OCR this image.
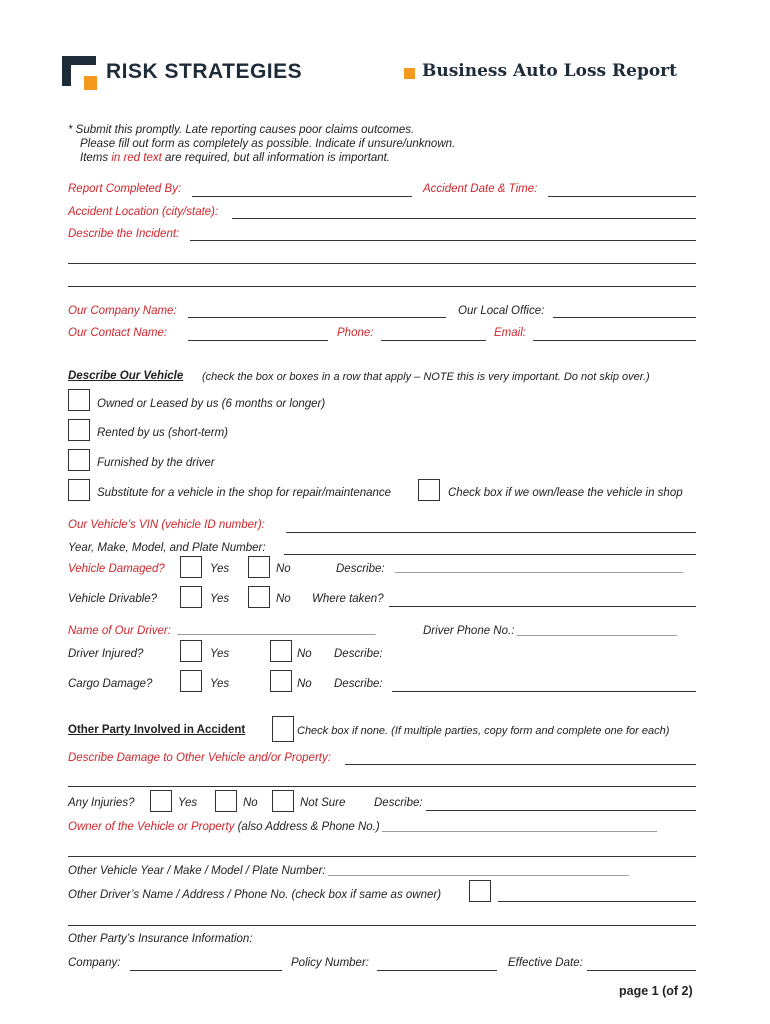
RISK STRATEGIES	Business Auto Loss Report
* Submit this promptly. Late reporting causes poor claims outcomes.
Please fill out form as completely as possible. Indicate if unsure/unknown.
Items in red text are required, but all information is important.
Report Completed By:	Accident Date & Time:
Accident Location (city/state):
Describe the Incident:
Our Company Name:	Our Local Office:
Our Contact Name:	Phone:	Email:
Describe Our Vehicle (check the box or boxes in a row that apply – NOTE this is very important. Do not skip over.)
Owned or Leased by us (6 months or longer)
Rented by us (short-term)
Furnished by the driver
Substitute for a vehicle in the shop for repair/maintenance	Check box if we own/lease the vehicle in shop
Our Vehicle’s VIN (vehicle ID number):
Year, Make, Model, and Plate Number:
Vehicle Damaged?	Yes	No	Describe: _____________________________________________
Vehicle Drivable?	Yes	No Where taken?
Name of Our Driver: _______________________________	Driver Phone No.: _________________________
Driver Injured?	Yes	No Describe:
Cargo Damage?	Yes	No Describe:
Other Party Involved in Accident	Check box if none. (If multiple parties, copy form and complete one for each)
Describe Damage to Other Vehicle and/or Property:
Any Injuries?	Yes	No	Not Sure Describe:
Owner of the Vehicle or Property (also Address & Phone No.) ___________________________________________
Other Vehicle Year / Make / Model / Plate Number: _______________________________________________
Other Driver’s Name / Address / Phone No. (check box if same as owner)
Other Party’s Insurance Information:
Company:	Policy Number:	Effective Date:
page 1 (of 2)
